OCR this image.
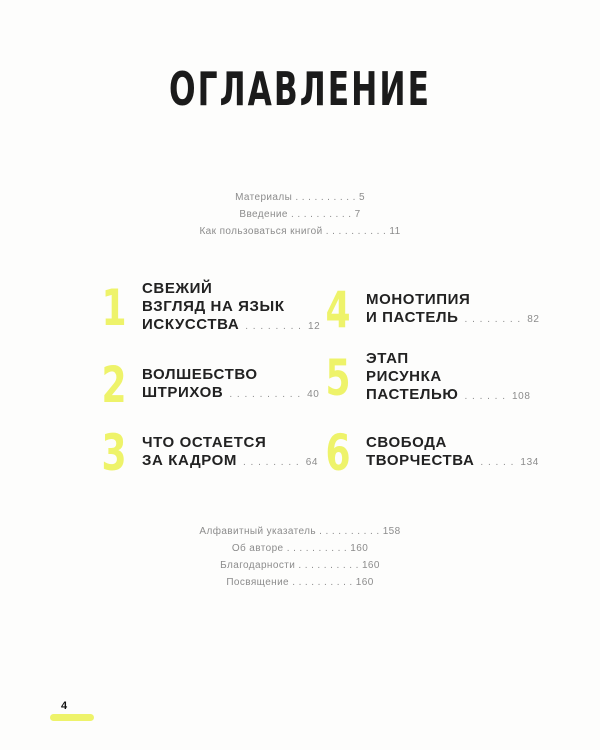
ОГЛАВЛЕНИЕ
Материалы . . . . . . . . . . 5
Введение . . . . . . . . . . 7
Как пользоваться книгой . . . . . . . . . . 11
1 СВЕЖИЙ
ВЗГЛЯД НА ЯЗЫК
ИСКУССТВА . . . . . . . . 12
2 ВОЛШЕБСТВО
ШТРИХОВ . . . . . . . . . . 40
3 ЧТО ОСТАЕТСЯ
ЗА КАДРОМ . . . . . . . . 64
4 МОНОТИПИЯ
И ПАСТЕЛЬ . . . . . . . . 82
5 ЭТАП
РИСУНКА
ПАСТЕЛЬЮ . . . . . . 108
6 СВОБОДА
ТВОРЧЕСТВА . . . . . 134
Алфавитный указатель . . . . . . . . . . 158
Об авторе . . . . . . . . . . 160
Благодарности . . . . . . . . . . 160
Посвящение . . . . . . . . . . 160
4
